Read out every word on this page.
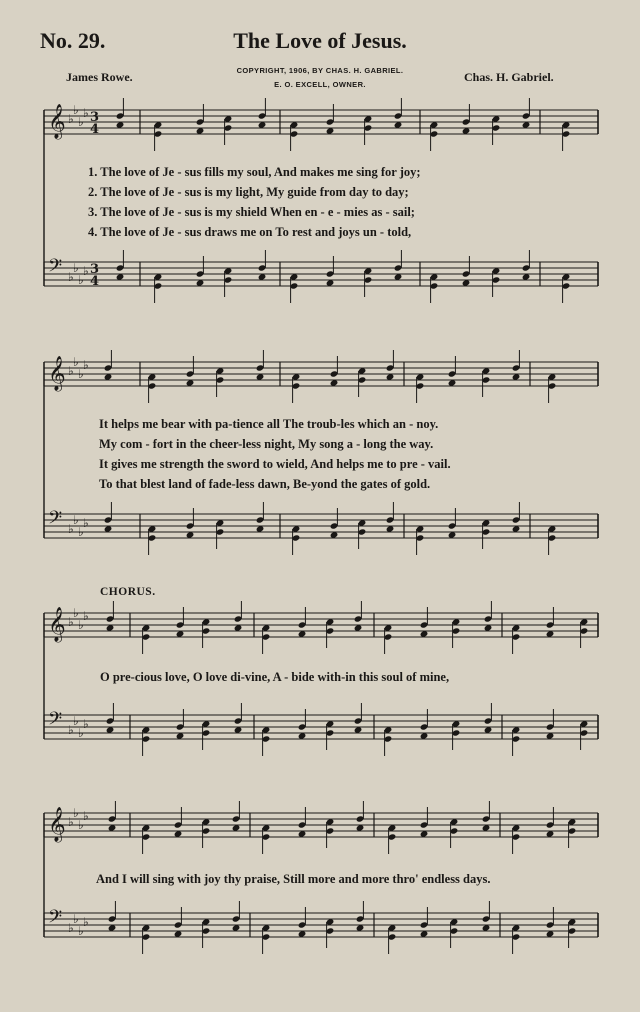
No. 29.	The Love of Jesus.
COPYRIGHT, 1906, BY CHAS. H. GABRIEL.
E. O. EXCELL, OWNER.
James Rowe.	Chas. H. Gabriel.
𝄞 ♭
♭
♭
♭ 3
4
𝄢 ♭
♭
♭
♭ 3
4
𝄞 ♭
♭
♭
♭
𝄢 ♭
♭
♭
♭
𝄞 ♭
♭
♭
♭
𝄢 ♭
♭
♭
♭
𝄞 ♭
♭
♭
♭
𝄢 ♭
♭
♭
♭
1. The love of Je - sus fills my soul, And makes me sing for joy;
2. The love of Je - sus is my light, My guide from day to day;
3. The love of Je - sus is my shield When en - e - mies as - sail;
4. The love of Je - sus draws me on To rest and joys un - told,
It helps me bear with pa-tience all The troub-les which an - noy.
My com - fort in the cheer-less night, My song a - long the way.
It gives me strength the sword to wield, And helps me to pre - vail.
To that blest land of fade-less dawn, Be-yond the gates of gold.
CHORUS.
O pre-cious love, O love di-vine, A - bide with-in this soul of mine,
And I will sing with joy thy praise, Still more and more thro' endless days.
